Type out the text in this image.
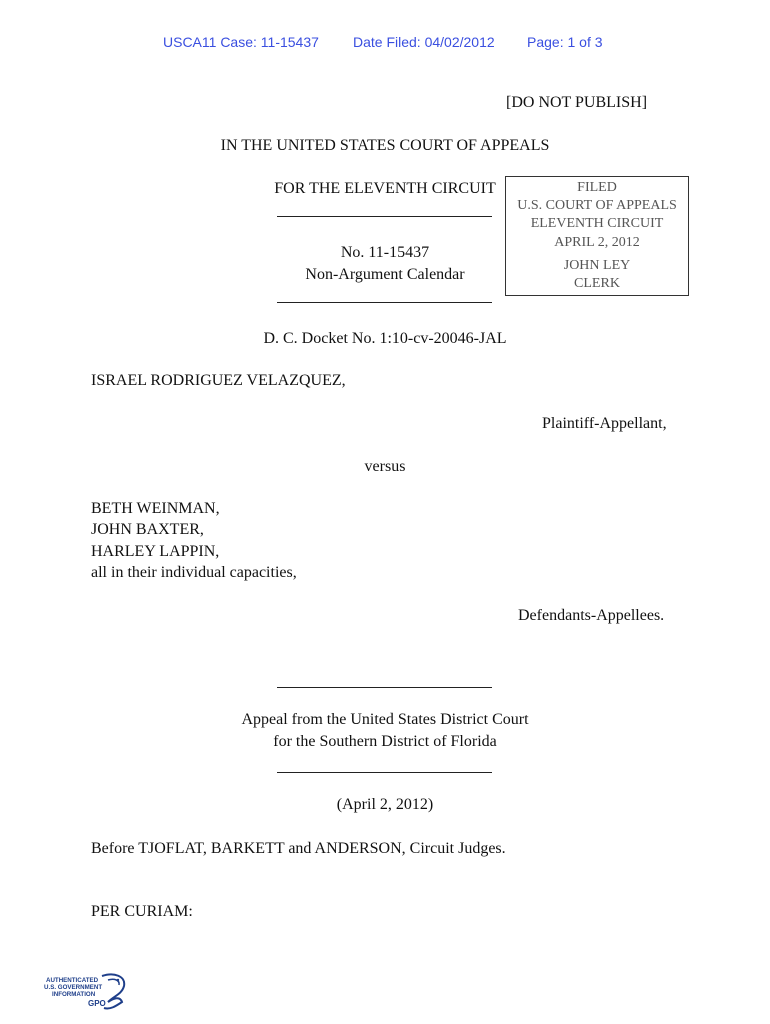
USCA11 Case: 11-15437 Date Filed: 04/02/2012 Page: 1 of 3
[DO NOT PUBLISH]
IN THE UNITED STATES COURT OF APPEALS
FOR THE ELEVENTH CIRCUIT
No. 11-15437
Non-Argument Calendar
FILED
U.S. COURT OF APPEALS
ELEVENTH CIRCUIT
APRIL 2, 2012
JOHN LEY
CLERK
D. C. Docket No. 1:10-cv-20046-JAL
ISRAEL RODRIGUEZ VELAZQUEZ,
Plaintiff-Appellant,
versus
BETH WEINMAN,
JOHN BAXTER,
HARLEY LAPPIN,
all in their individual capacities,
Defendants-Appellees.
Appeal from the United States District Court
for the Southern District of Florida
(April 2, 2012)
Before TJOFLAT, BARKETT and ANDERSON, Circuit Judges.
PER CURIAM:
AUTHENTICATED
U.S. GOVERNMENT
INFORMATION
GPO
